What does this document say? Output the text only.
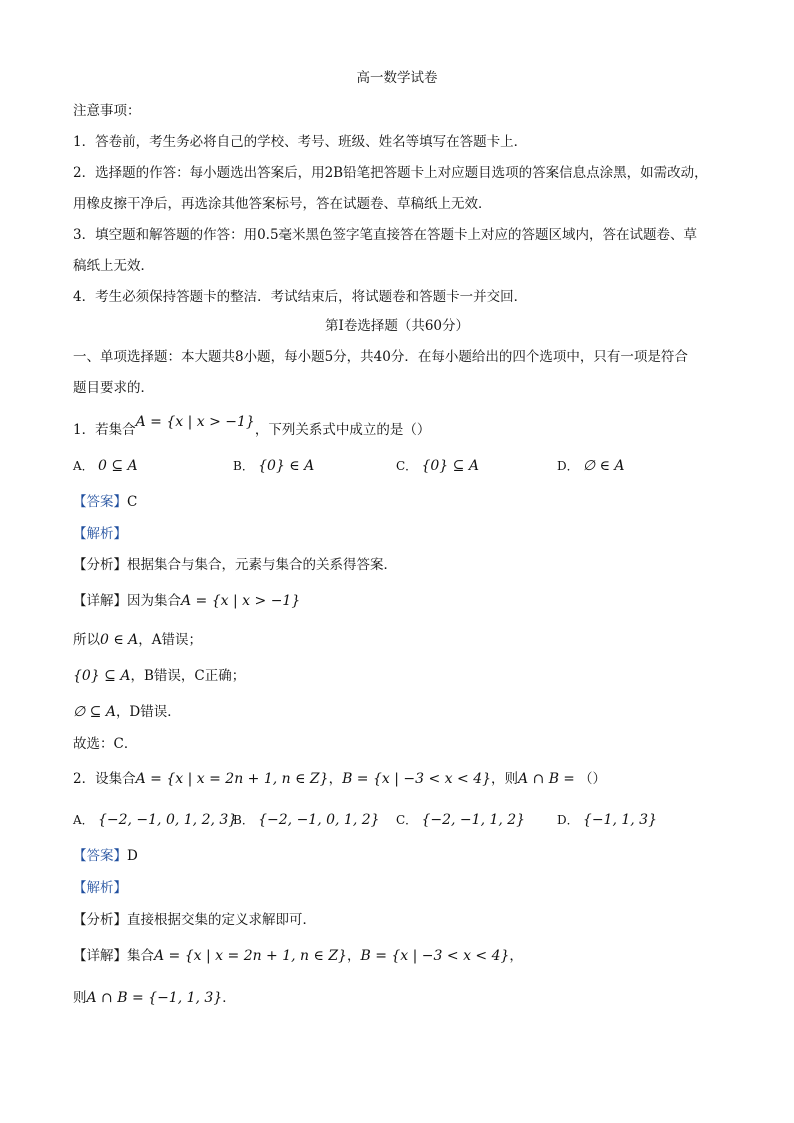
高一数学试卷
注意事项：
1．答卷前，考生务必将自己的学校、考号、班级、姓名等填写在答题卡上．
2．选择题的作答：每小题选出答案后，用2B铅笔把答题卡上对应题目选项的答案信息点涂黑，如需改动，
用橡皮擦干净后，再选涂其他答案标号，答在试题卷、草稿纸上无效．
3．填空题和解答题的作答：用0.5毫米黑色签字笔直接答在答题卡上对应的答题区域内，答在试题卷、草
稿纸上无效．
4．考生必须保持答题卡的整洁．考试结束后，将试题卷和答题卡一并交回．
第Ⅰ卷选择题（共60分）
一、单项选择题：本大题共8小题，每小题5分，共40分．在每小题给出的四个选项中，只有一项是符合
题目要求的．
1．若集合A = {x | x > −1}，下列关系式中成立的是（）
A． 0 ⊆ A	B． {0} ∈ A	C． {0} ⊆ A	D． ∅ ∈ A
【答案】C
【解析】
【分析】根据集合与集合，元素与集合的关系得答案．
【详解】因为集合A = {x | x > −1}
所以0 ∈ A，A错误；
{0} ⊆ A，B错误，C正确；
∅ ⊆ A，D错误．
故选：C．
2．设集合A = {x | x = 2n + 1, n ∈ Z}，B = {x | −3 < x < 4}，则A ∩ B = （）
A． {−2, −1, 0, 1, 2, 3}
B． {−2, −1, 0, 1, 2} C． {−2, −1, 1, 2}	D． {−1, 1, 3}
【答案】D
【解析】
【分析】直接根据交集的定义求解即可．
【详解】集合A = {x | x = 2n + 1, n ∈ Z}，B = {x | −3 < x < 4}，
则A ∩ B = {−1, 1, 3}．
